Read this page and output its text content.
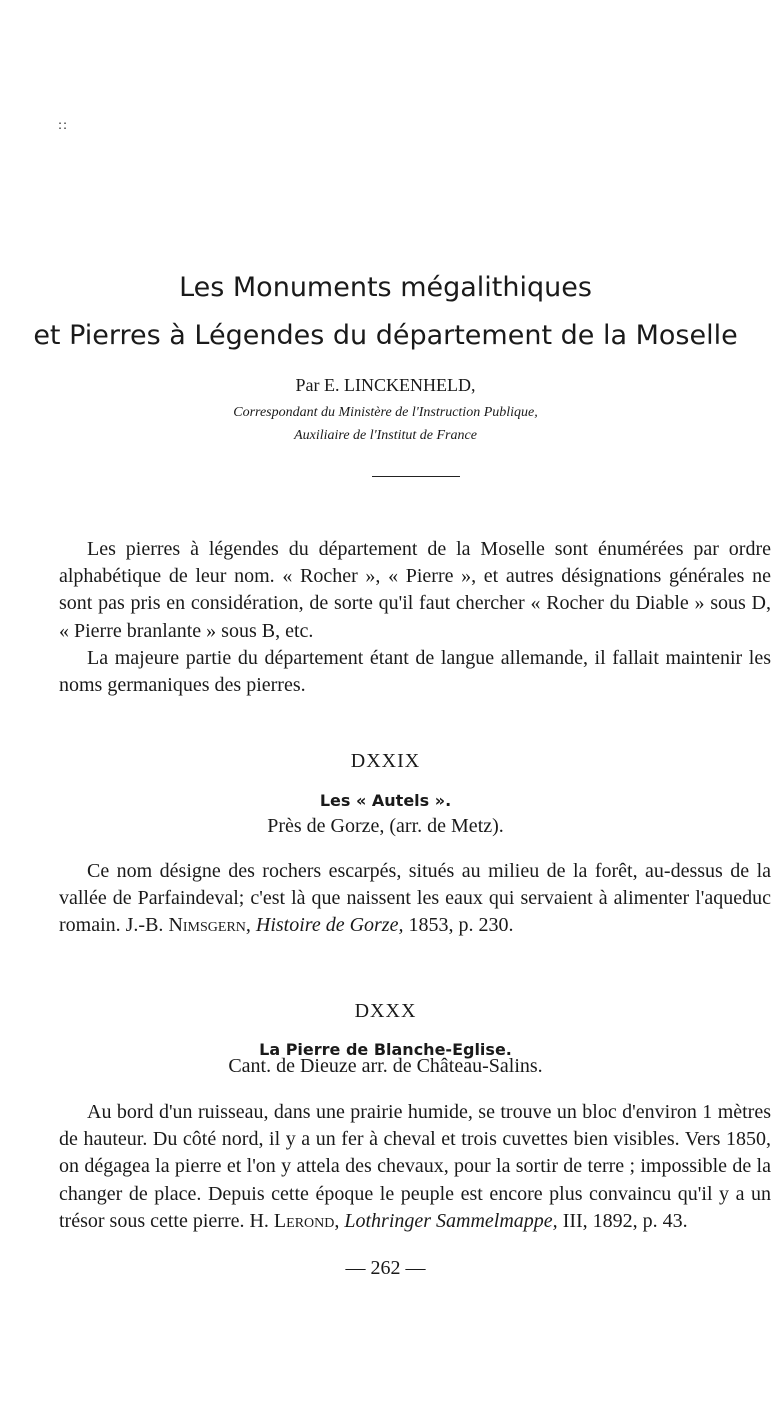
::
Les Monuments mégalithiques
et Pierres à Légendes du département de la Moselle
Par E. LINCKENHELD,
Correspondant du Ministère de l'Instruction Publique,
Auxiliaire de l'Institut de France

Les pierres à légendes du département de la Moselle sont énumérées par ordre alphabétique de leur nom. « Rocher », « Pierre », et autres désignations générales ne sont pas pris en considération, de sorte qu'il faut chercher « Rocher du Diable » sous D, « Pierre branlante » sous B, etc.

La majeure partie du département étant de langue allemande, il fallait maintenir les noms germaniques des pierres.

DXXIX
Les « Autels ».
Près de Gorze, (arr. de Metz).

Ce nom désigne des rochers escarpés, situés au milieu de la forêt, au-dessus de la vallée de Parfaindeval; c'est là que naissent les eaux qui servaient à alimenter l'aqueduc romain. J.-B. Nimsgern, Histoire de Gorze, 1853, p. 230.

DXXX
La Pierre de Blanche-Eglise.
Cant. de Dieuze arr. de Château-Salins.

Au bord d'un ruisseau, dans une prairie humide, se trouve un bloc d'environ 1 mètres de hauteur. Du côté nord, il y a un fer à cheval et trois cuvettes bien visibles. Vers 1850, on dégagea la pierre et l'on y attela des chevaux, pour la sortir de terre ; impossible de la changer de place. Depuis cette époque le peuple est encore plus convaincu qu'il y a un trésor sous cette pierre. H. Lerond, Lothringer Sammelmappe, III, 1892, p. 43.

— 262 —
